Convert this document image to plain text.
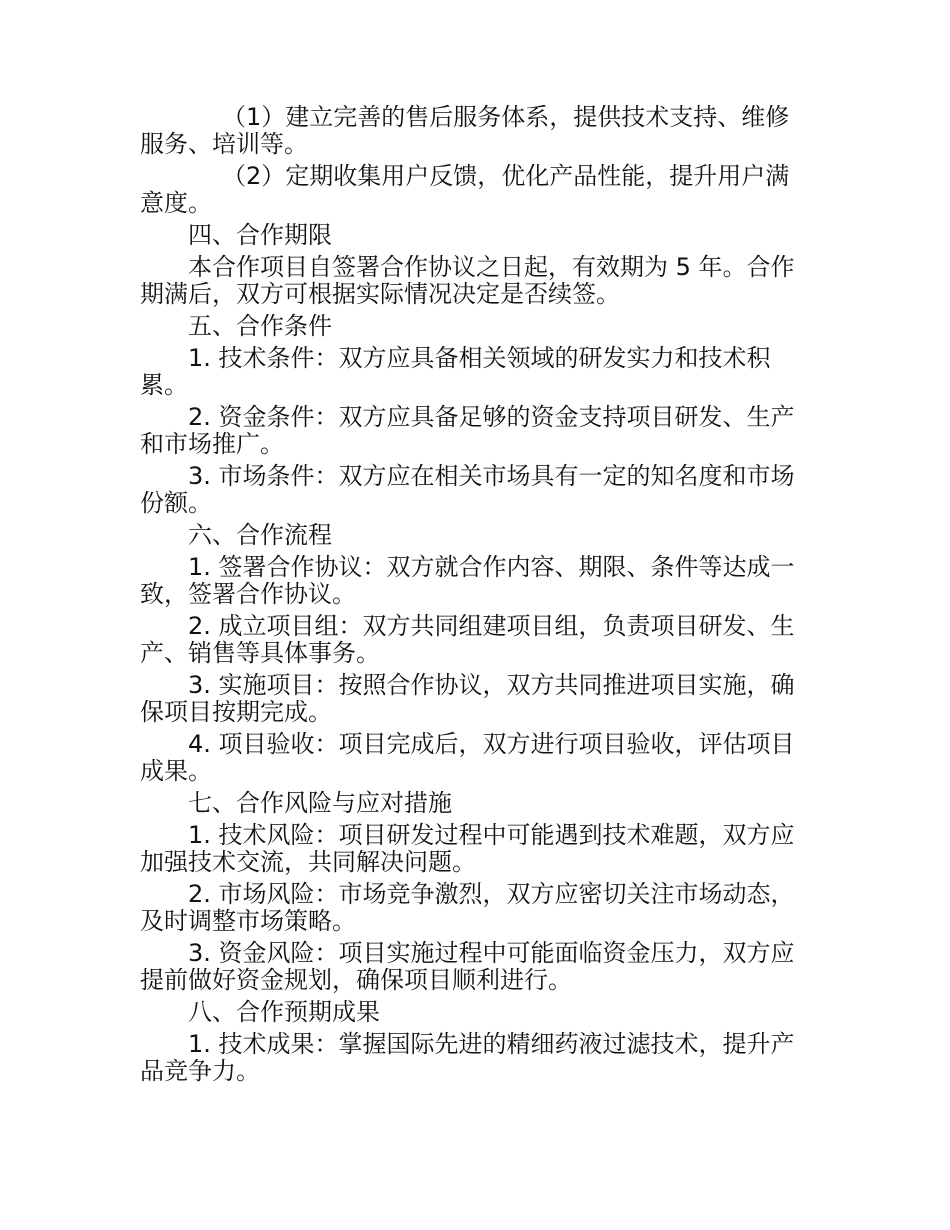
（1）建立完善的售后服务体系，提供技术支持、维修服务、培训等。

（2）定期收集用户反馈，优化产品性能，提升用户满意度。

四、合作期限

本合作项目自签署合作协议之日起，有效期为 5 年。合作期满后，双方可根据实际情况决定是否续签。

五、合作条件

1. 技术条件：双方应具备相关领域的研发实力和技术积累。

2. 资金条件：双方应具备足够的资金支持项目研发、生产和市场推广。

3. 市场条件：双方应在相关市场具有一定的知名度和市场份额。

六、合作流程

1. 签署合作协议：双方就合作内容、期限、条件等达成一致，签署合作协议。

2. 成立项目组：双方共同组建项目组，负责项目研发、生产、销售等具体事务。

3. 实施项目：按照合作协议，双方共同推进项目实施，确保项目按期完成。

4. 项目验收：项目完成后，双方进行项目验收，评估项目成果。

七、合作风险与应对措施

1. 技术风险：项目研发过程中可能遇到技术难题，双方应加强技术交流，共同解决问题。

2. 市场风险：市场竞争激烈，双方应密切关注市场动态，及时调整市场策略。

3. 资金风险：项目实施过程中可能面临资金压力，双方应提前做好资金规划，确保项目顺利进行。

八、合作预期成果

1. 技术成果：掌握国际先进的精细药液过滤技术，提升产品竞争力。
